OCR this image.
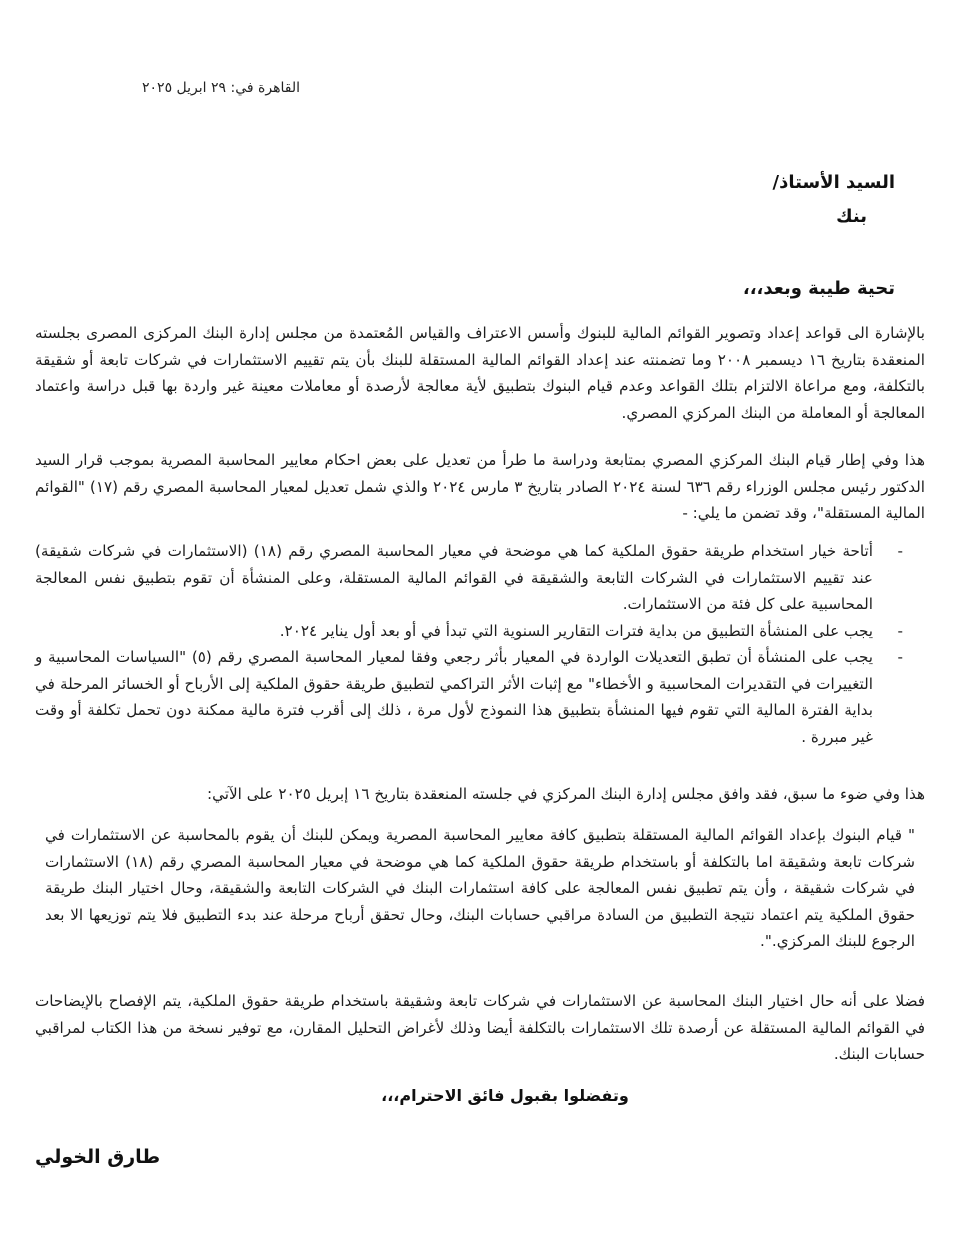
القاهرة في: ٢٩ ابريل ٢٠٢٥
السيد الأستاذ/
بنك
تحية طيبة وبعد،،،

بالإشارة الى قواعد إعداد وتصوير القوائم المالية للبنوك وأسس الاعتراف والقياس المُعتمدة من مجلس إدارة البنك المركزى المصرى بجلسته المنعقدة بتاريخ ١٦ ديسمبر ٢٠٠٨ وما تضمنته عند إعداد القوائم المالية المستقلة للبنك بأن يتم تقييم الاستثمارات في شركات تابعة أو شقيقة بالتكلفة، ومع مراعاة الالتزام بتلك القواعد وعدم قيام البنوك بتطبيق لأية معالجة لأرصدة أو معاملات معينة غير واردة بها قبل دراسة واعتماد المعالجة أو المعاملة من البنك المركزي المصري.

هذا وفي إطار قيام البنك المركزي المصري بمتابعة ودراسة ما طرأ من تعديل على بعض احكام معايير المحاسبة المصرية بموجب قرار السيد الدكتور رئيس مجلس الوزراء رقم ٦٣٦ لسنة ٢٠٢٤ الصادر بتاريخ ٣ مارس ٢٠٢٤ والذي شمل تعديل لمعيار المحاسبة المصري رقم (١٧) "القوائم المالية المستقلة"، وقد تضمن ما يلي: -

-
أتاحة خيار استخدام طريقة حقوق الملكية كما هي موضحة في معيار المحاسبة المصري رقم (١٨) (الاستثمارات في شركات شقيقة) عند تقييم الاستثمارات في الشركات التابعة والشقيقة في القوائم المالية المستقلة، وعلى المنشأة أن تقوم بتطبيق نفس المعالجة المحاسبية على كل فئة من الاستثمارات.
-
يجب على المنشأة التطبيق من بداية فترات التقارير السنوية التي تبدأ في أو بعد أول يناير ٢٠٢٤.
-
يجب على المنشأة أن تطبق التعديلات الواردة في المعيار بأثر رجعي وفقا لمعيار المحاسبة المصري رقم (٥) "السياسات المحاسبية و التغييرات في التقديرات المحاسبية و الأخطاء" مع إثبات الأثر التراكمي لتطبيق طريقة حقوق الملكية إلى الأرباح أو الخسائر المرحلة في بداية الفترة المالية التي تقوم فيها المنشأة بتطبيق هذا النموذج لأول مرة ، ذلك إلى أقرب فترة مالية ممكنة دون تحمل تكلفة أو وقت غير مبررة .

هذا وفي ضوء ما سبق، فقد وافق مجلس إدارة البنك المركزي في جلسته المنعقدة بتاريخ ١٦ إبريل ٢٠٢٥ على الآتي:

" قيام البنوك بإعداد القوائم المالية المستقلة بتطبيق كافة معايير المحاسبة المصرية ويمكن للبنك أن يقوم بالمحاسبة عن الاستثمارات في شركات تابعة وشقيقة اما بالتكلفة أو باستخدام طريقة حقوق الملكية كما هي موضحة في معيار المحاسبة المصري رقم (١٨) الاستثمارات في شركات شقيقة ، وأن يتم تطبيق نفس المعالجة على كافة استثمارات البنك في الشركات التابعة والشقيقة، وحال اختيار البنك طريقة حقوق الملكية يتم اعتماد نتيجة التطبيق من السادة مراقبي حسابات البنك، وحال تحقق أرباح مرحلة عند بدء التطبيق فلا يتم توزيعها الا بعد الرجوع للبنك المركزي.".

فضلا على أنه حال اختيار البنك المحاسبة عن الاستثمارات في شركات تابعة وشقيقة باستخدام طريقة حقوق الملكية، يتم الإفصاح بالإيضاحات في القوائم المالية المستقلة عن أرصدة تلك الاستثمارات بالتكلفة أيضا وذلك لأغراض التحليل المقارن، مع توفير نسخة من هذا الكتاب لمراقبي حسابات البنك.

وتفضلوا بقبول فائق الاحترام،،،
طارق الخولي
